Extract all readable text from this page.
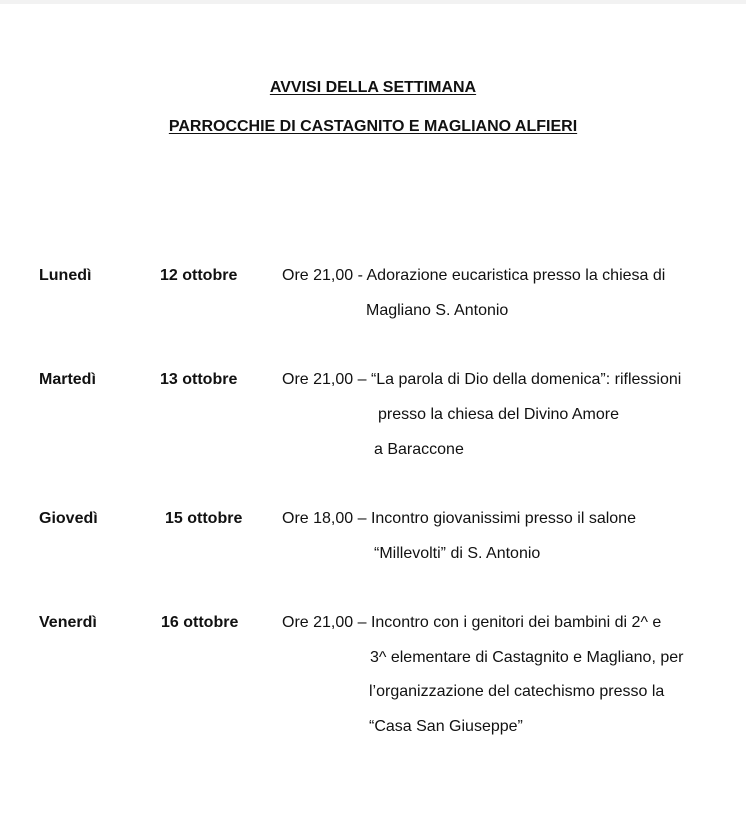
AVVISI DELLA SETTIMANA
PARROCCHIE DI CASTAGNITO E MAGLIANO ALFIERI
Lunedì	12 ottobre	Ore 21,00 - Adorazione eucaristica presso la chiesa di
Magliano S. Antonio
Martedì	13 ottobre	Ore 21,00 – “La parola di Dio della domenica”: riflessioni
presso la chiesa del Divino Amore
a Baraccone
Giovedì	15 ottobre Ore 18,00 – Incontro giovanissimi presso il salone
“Millevolti” di S. Antonio
Venerdì	16 ottobre	Ore 21,00 – Incontro con i genitori dei bambini di 2^ e
3^ elementare di Castagnito e Magliano, per
l’organizzazione del catechismo presso la
“Casa San Giuseppe”
